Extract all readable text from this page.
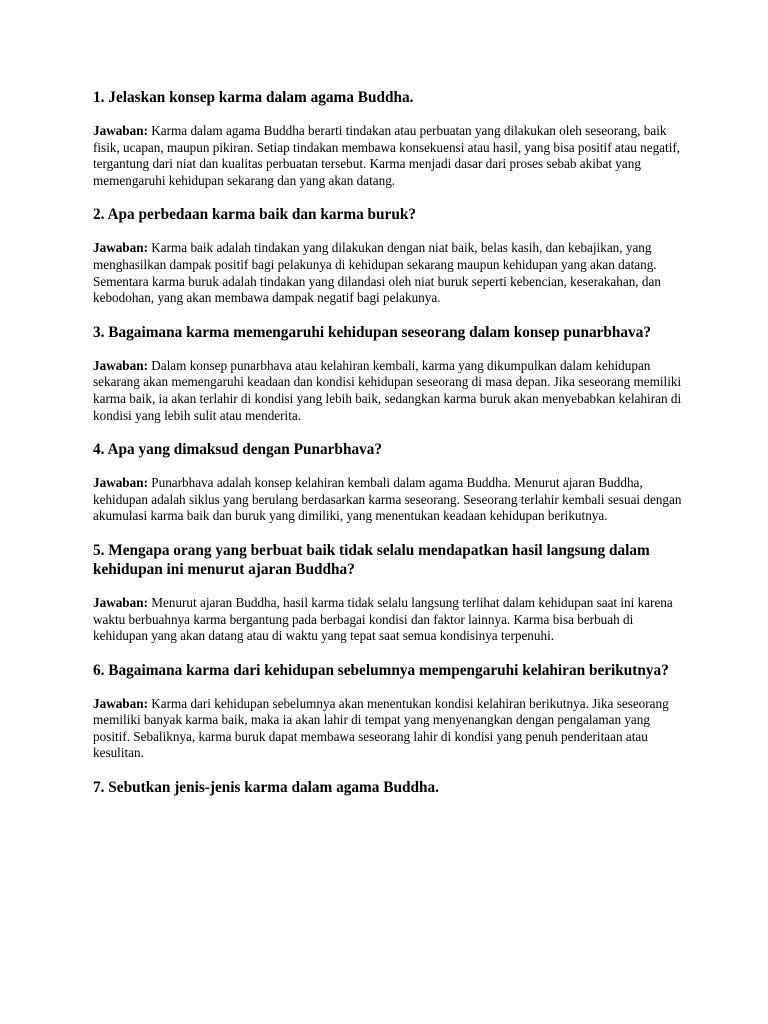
1. Jelaskan konsep karma dalam agama Buddha.

Jawaban: Karma dalam agama Buddha berarti tindakan atau perbuatan yang dilakukan oleh seseorang, baik fisik, ucapan, maupun pikiran. Setiap tindakan membawa konsekuensi atau hasil, yang bisa positif atau negatif, tergantung dari niat dan kualitas perbuatan tersebut. Karma menjadi dasar dari proses sebab akibat yang memengaruhi kehidupan sekarang dan yang akan datang.

2. Apa perbedaan karma baik dan karma buruk?

Jawaban: Karma baik adalah tindakan yang dilakukan dengan niat baik, belas kasih, dan kebajikan, yang menghasilkan dampak positif bagi pelakunya di kehidupan sekarang maupun kehidupan yang akan datang. Sementara karma buruk adalah tindakan yang dilandasi oleh niat buruk seperti kebencian, keserakahan, dan kebodohan, yang akan membawa dampak negatif bagi pelakunya.

3. Bagaimana karma memengaruhi kehidupan seseorang dalam konsep punarbhava?

Jawaban: Dalam konsep punarbhava atau kelahiran kembali, karma yang dikumpulkan dalam kehidupan sekarang akan memengaruhi keadaan dan kondisi kehidupan seseorang di masa depan. Jika seseorang memiliki karma baik, ia akan terlahir di kondisi yang lebih baik, sedangkan karma buruk akan menyebabkan kelahiran di kondisi yang lebih sulit atau menderita.

4. Apa yang dimaksud dengan Punarbhava?

Jawaban: Punarbhava adalah konsep kelahiran kembali dalam agama Buddha. Menurut ajaran Buddha, kehidupan adalah siklus yang berulang berdasarkan karma seseorang. Seseorang terlahir kembali sesuai dengan akumulasi karma baik dan buruk yang dimiliki, yang menentukan keadaan kehidupan berikutnya.

5. Mengapa orang yang berbuat baik tidak selalu mendapatkan hasil langsung dalam kehidupan ini menurut ajaran Buddha?

Jawaban: Menurut ajaran Buddha, hasil karma tidak selalu langsung terlihat dalam kehidupan saat ini karena waktu berbuahnya karma bergantung pada berbagai kondisi dan faktor lainnya. Karma bisa berbuah di kehidupan yang akan datang atau di waktu yang tepat saat semua kondisinya terpenuhi.

6. Bagaimana karma dari kehidupan sebelumnya mempengaruhi kelahiran berikutnya?

Jawaban: Karma dari kehidupan sebelumnya akan menentukan kondisi kelahiran berikutnya. Jika seseorang memiliki banyak karma baik, maka ia akan lahir di tempat yang menyenangkan dengan pengalaman yang positif. Sebaliknya, karma buruk dapat membawa seseorang lahir di kondisi yang penuh penderitaan atau kesulitan.

7. Sebutkan jenis-jenis karma dalam agama Buddha.
